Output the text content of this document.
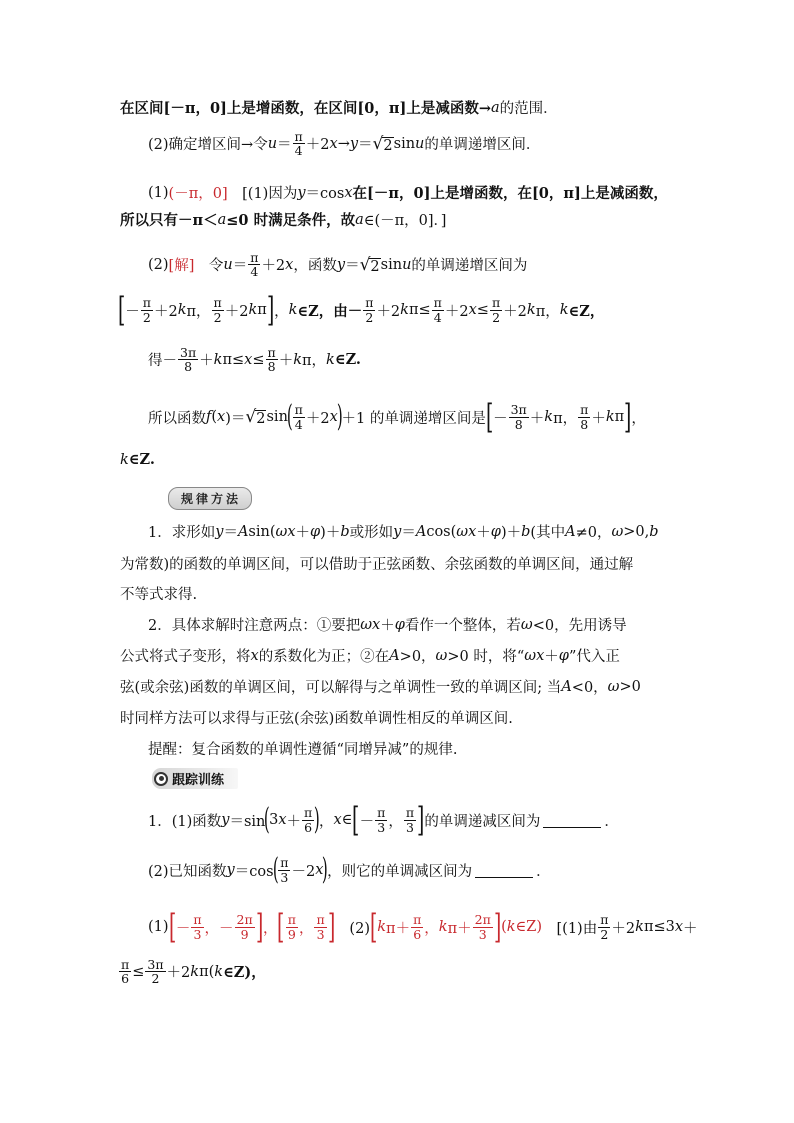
在区间[－π，0]上是增函数，在区间[0，π]上是减函数→ a 的范围．
(2)确定增区间→令 $u = \frac{\pi}{4} +2$ x → y ＝ √ 2 sin u 的单调递增区间．
(1) (－π，0] 　[(1)因为 y ＝cos x 在[－π，0]上是增函数，在[0，π]上是减函数，
所以只有－π＜ a ≤0 时满足条件，故 a ∈(－π，0]．]
(2) [解] 　令 $u = \frac{\pi}{4} +2$ x ，函数 y ＝ √ 2 sin u 的单调递增区间为
[ － $\frac{\pi}{2} +2$ k π， $\frac{\pi}{2} +2$ k π ] ， k ∈Z，由－ $\frac{\pi}{2} +2$ k $\pi\le \frac{\pi}{4} +2$ $x \le \frac{\pi}{2} +2$ k π， k ∈Z，
得－ $\frac{3\pi}{8} + k$ $\pi\le x \le \frac{\pi}{8} + k$ π， k ∈Z.
所以函数 f ( x )＝ √ 2 sin
( $\frac{\pi}{4} +2$ x
)
＋1 的单调递增区间是 [ － $\frac{3\pi}{8} + k$ π， $\frac{\pi}{8} + k$ π ] ，
k ∈Z.
规律方法
1．求形如 y ＝ A sin( ωx ＋ φ )＋ b 或形如 y ＝ A cos( ωx ＋ φ )＋ b (其中 A ≠0， ω >0, b
为常数)的函数的单调区间，可以借助于正弦函数、余弦函数的单调区间，通过解
不等式求得.
2．具体求解时注意两点：①要把 ωx ＋ φ 看作一个整体，若 ω <0，先用诱导
公式将式子变形，将 x 的系数化为正；②在 A >0， ω >0 时，将“ ωx ＋ φ ”代入正
弦(或余弦)函数的单调区间，可以解得与之单调性一致的单调区间; 当 A <0， ω >0
时同样方法可以求得与正弦(余弦)函数单调性相反的单调区间.
提醒：复合函数的单调性遵循“同增异减”的规律.
跟踪训练
1．(1)函数 y ＝sin
(
3 $x + \frac{\pi}{6}$ )
， x ∈ [ － $\frac{\pi}{3}$ ， $\frac{\pi}{3}$ ] 的单调递减区间为	．
(2)已知函数 y ＝cos
( $\frac{\pi}{3} -2$ x
)
，则它的单调减区间为	．
(1) [ － $\frac{\pi}{3}$ ，－ $\frac{2\pi}{9}$ ] ， [ $\frac{\pi}{9}$ ， $\frac{\pi}{3}$ ] 　(2) [ k $\pi+ \frac{\pi}{6}$ ， k $\pi+ \frac{2\pi}{3}$ ] ( k ∈Z) 　[(1)由 $\frac{\pi}{2} +2$ k π≤3 x ＋
$\frac{\pi}{6} \le \frac{3\pi}{2} +2$ k π( k ∈Z)，
